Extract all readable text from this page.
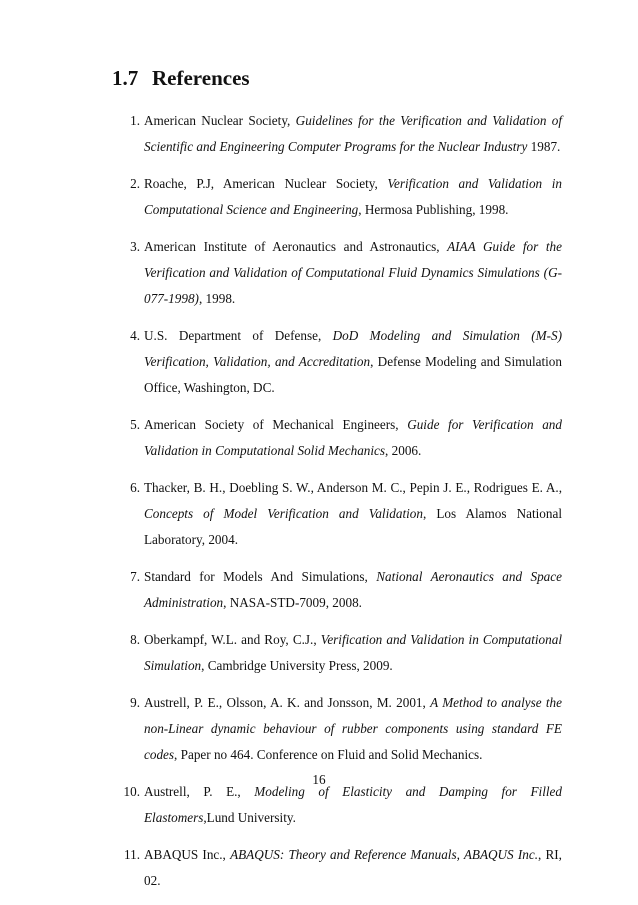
1.7 References
1. American Nuclear Society, Guidelines for the Verification and Validation of Scientific and Engineering Computer Programs for the Nuclear Industry 1987.
2. Roache, P.J, American Nuclear Society, Verification and Validation in Computational Science and Engineering, Hermosa Publishing, 1998.
3. American Institute of Aeronautics and Astronautics, AIAA Guide for the Verification and Validation of Computational Fluid Dynamics Simulations (G-077-1998), 1998.
4. U.S. Department of Defense, DoD Modeling and Simulation (M-S) Verification, Validation, and Accreditation, Defense Modeling and Simulation Office, Washington, DC.
5. American Society of Mechanical Engineers, Guide for Verification and Validation in Computational Solid Mechanics, 2006.
6. Thacker, B. H., Doebling S. W., Anderson M. C., Pepin J. E., Rodrigues E. A., Concepts of Model Verification and Validation, Los Alamos National Laboratory, 2004.
7. Standard for Models And Simulations, National Aeronautics and Space Administration, NASA-STD-7009, 2008.
8. Oberkampf, W.L. and Roy, C.J., Verification and Validation in Computational Simulation, Cambridge University Press, 2009.
9. Austrell, P. E., Olsson, A. K. and Jonsson, M. 2001, A Method to analyse the non-Linear dynamic behaviour of rubber components using standard FE codes, Paper no 464. Conference on Fluid and Solid Mechanics.
10. Austrell, P. E., Modeling of Elasticity and Damping for Filled Elastomers,Lund University.
11. ABAQUS Inc., ABAQUS: Theory and Reference Manuals, ABAQUS Inc., RI, 02.
16
